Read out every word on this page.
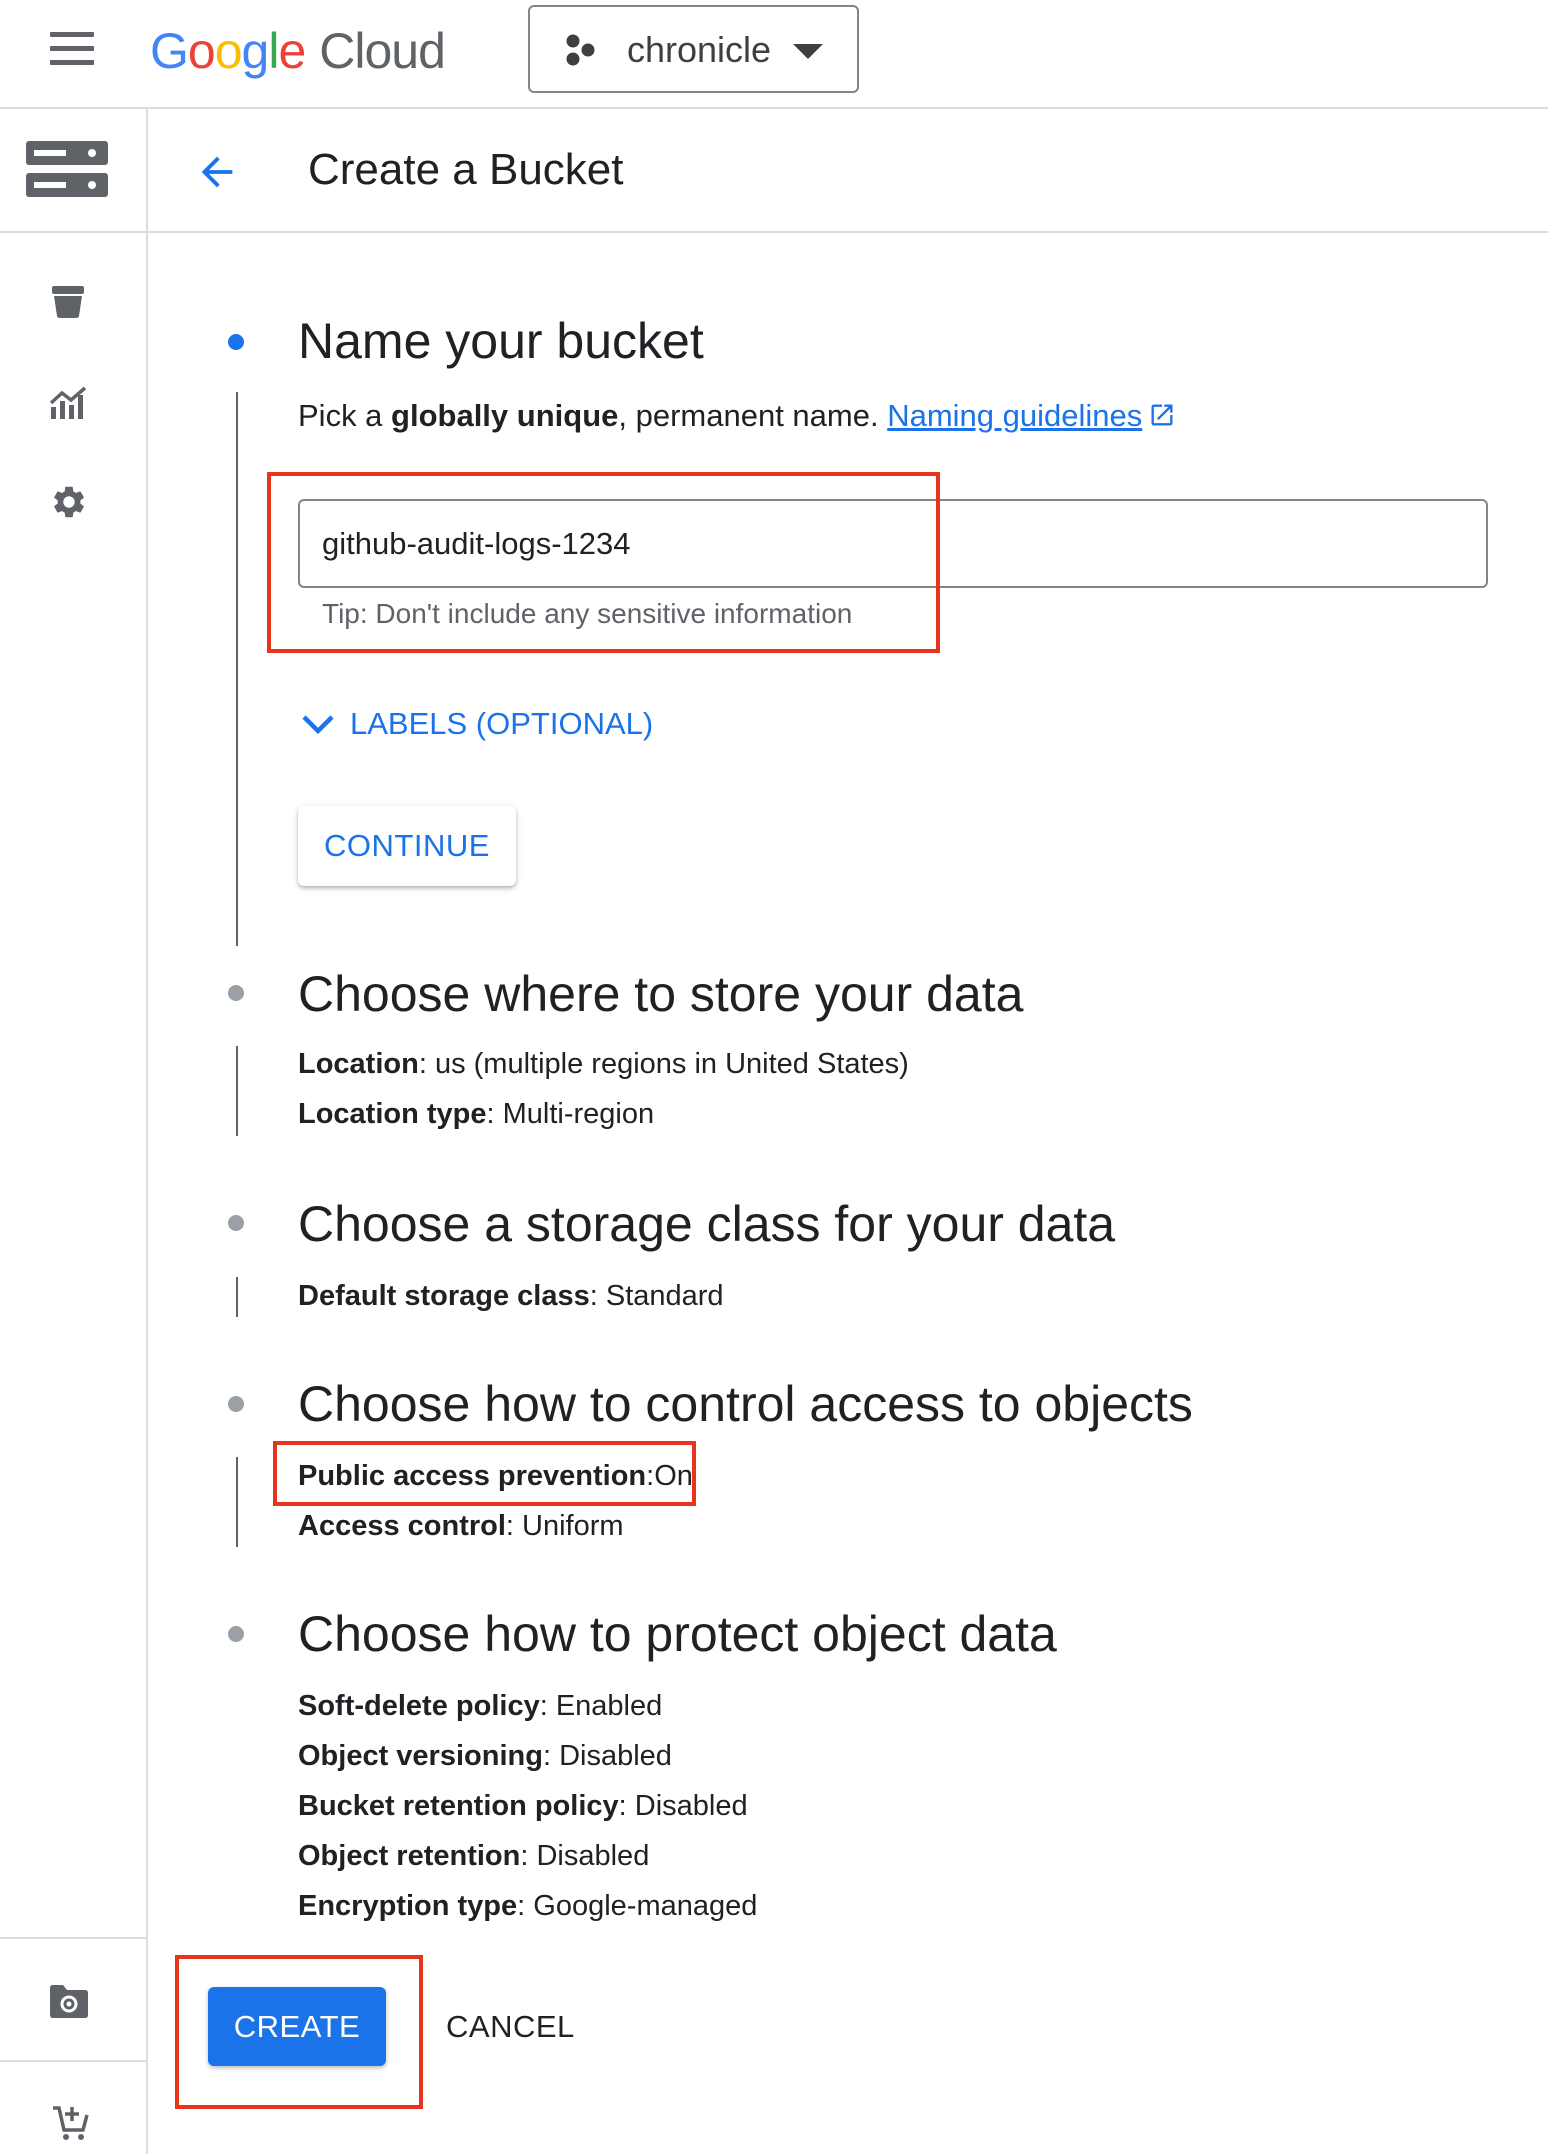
G o o g l e Cloud	chronicle
Create a Bucket
Name your bucket
Pick a globally unique, permanent name. Naming guidelines
github-audit-logs-1234
Tip: Don't include any sensitive information
LABELS (OPTIONAL)
CONTINUE
Choose where to store your data
Location: us (multiple regions in United States)
Location type: Multi-region
Choose a storage class for your data
Default storage class: Standard
Choose how to control access to objects
Public access prevention:On
Access control: Uniform
Choose how to protect object data
Soft-delete policy: Enabled
Object versioning: Disabled
Bucket retention policy: Disabled
Object retention: Disabled
Encryption type: Google-managed
CREATE	CANCEL
